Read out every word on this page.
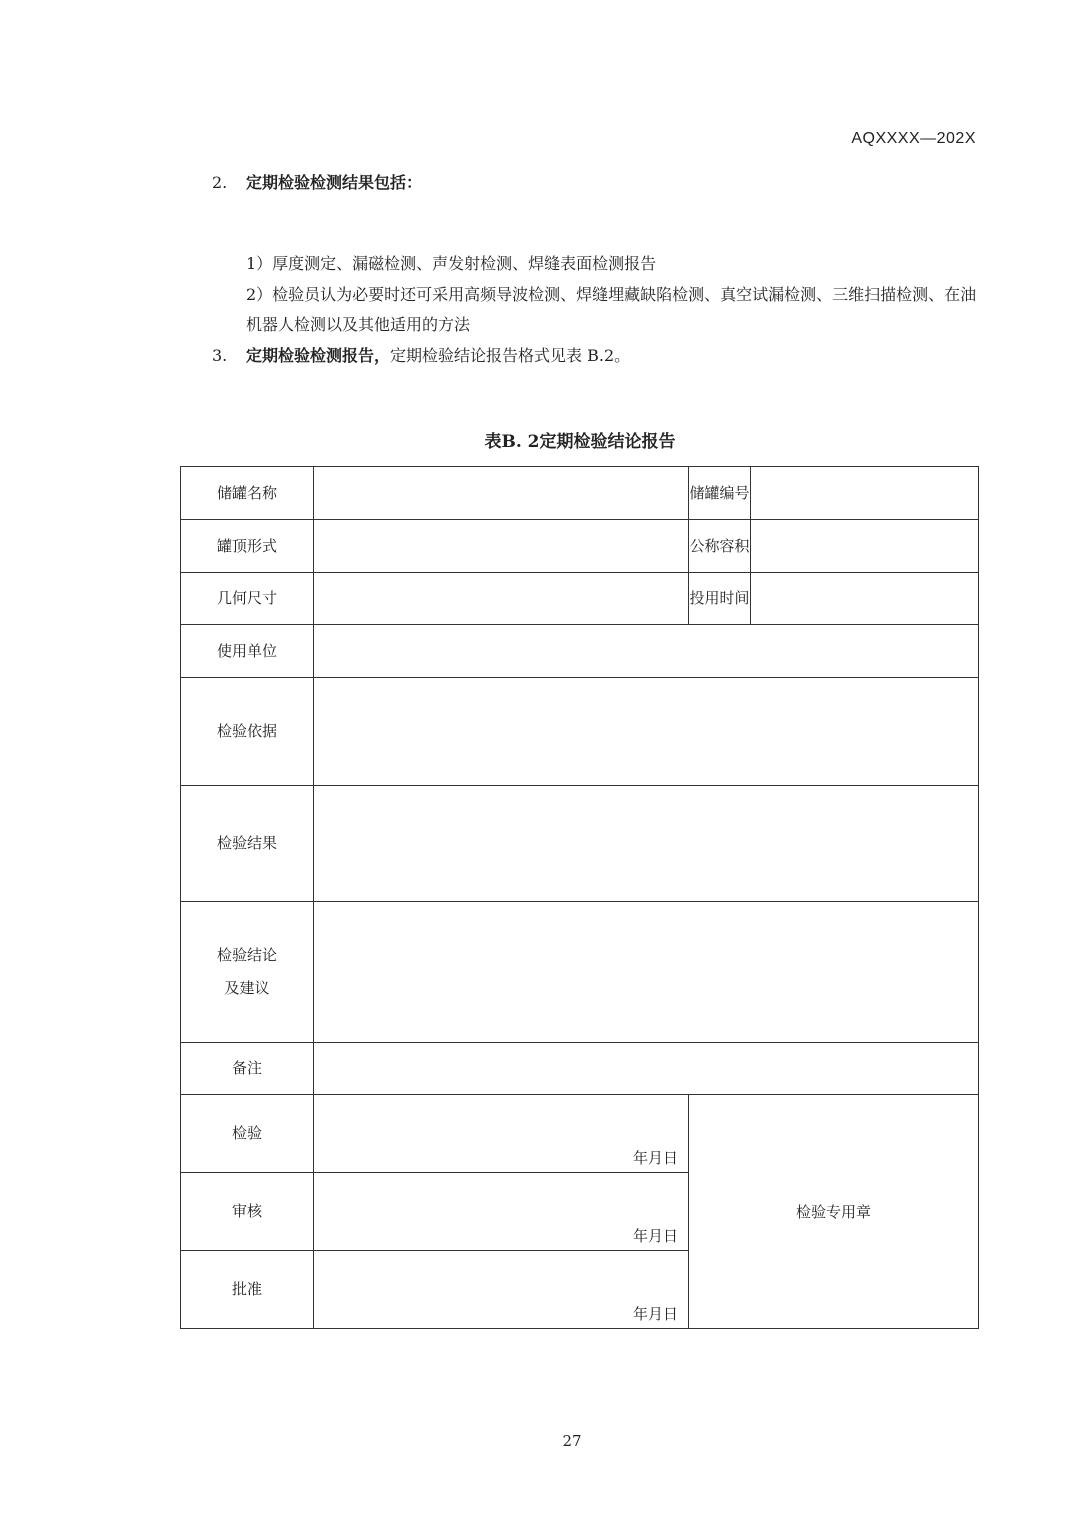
AQXXXX—202X
2. 定期检验检测结果包括：
1）厚度测定、漏磁检测、声发射检测、焊缝表面检测报告
2）检验员认为必要时还可采用高频导波检测、焊缝埋藏缺陷检测、真空试漏检测、三维扫描检测、在油机器人检测以及其他适用的方法
3. 定期检验检测报告，定期检验结论报告格式见表 B.2。
表B. 2定期检验结论报告
储罐名称		储罐编号	
罐顶形式		公称容积	
几何尺寸		投用时间	
使用单位			
检验依据			
检验结果			

检验结论
及建议			

备注			
检验	年月日	检验专用章	
审核	年月日		

批准	年月日		
27
